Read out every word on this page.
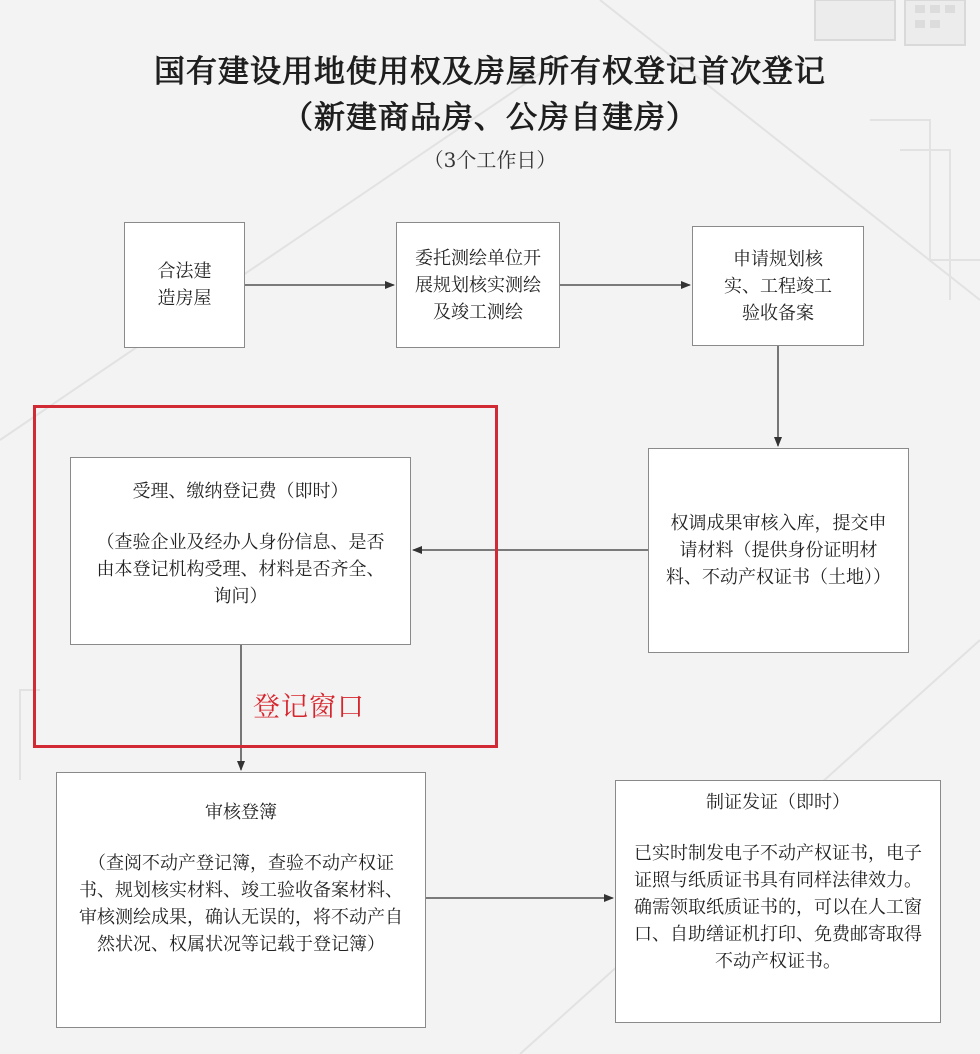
国有建设用地使用权及房屋所有权登记首次登记
（新建商品房、公房自建房）
（3个工作日）
合法建造房屋
委托测绘单位开展规划核实测绘及竣工测绘
申请规划核实、工程竣工验收备案
权调成果审核入库，提交申请材料（提供身份证明材料、不动产权证书（土地））
受理、缴纳登记费（即时）
（查验企业及经办人身份信息、是否由本登记机构受理、材料是否齐全、询问）
登记窗口
审核登簿
（查阅不动产登记簿，查验不动产权证书、规划核实材料、竣工验收备案材料、审核测绘成果，确认无误的，将不动产自然状况、权属状况等记载于登记簿）
制证发证（即时）
已实时制发电子不动产权证书，电子证照与纸质证书具有同样法律效力。确需领取纸质证书的，可以在人工窗口、自助缮证机打印、免费邮寄取得不动产权证书。
